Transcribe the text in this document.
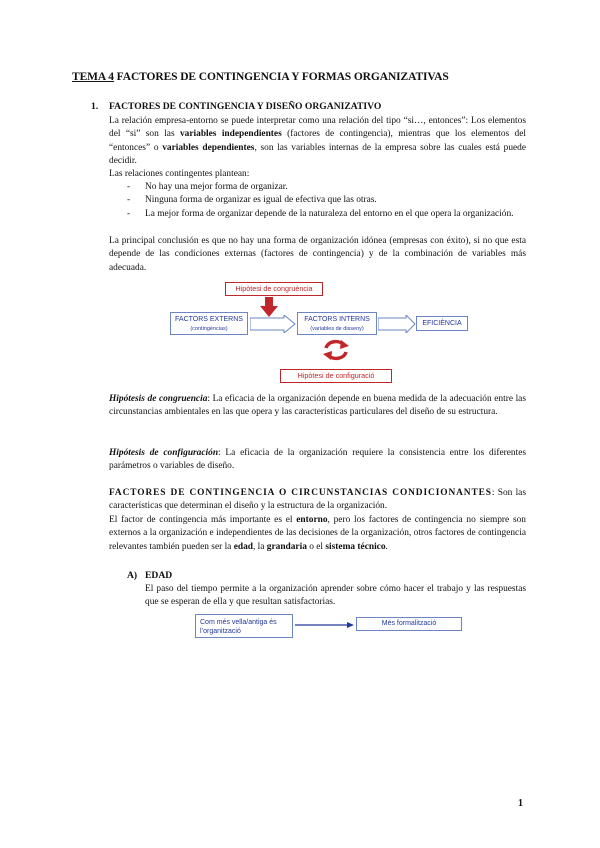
TEMA 4 FACTORES DE CONTINGENCIA Y FORMAS ORGANIZATIVAS
1. FACTORES DE CONTINGENCIA Y DISEÑO ORGANIZATIVO
La relación empresa-entorno se puede interpretar como una relación del tipo “si…, entonces”: Los elementos del “si” son las variables independientes (factores de contingencia), mientras que los elementos del “entonces” o variables dependientes, son las variables internas de la empresa sobre las cuales está puede decidir.
Las relaciones contingentes plantean:
- No hay una mejor forma de organizar.
- Ninguna forma de organizar es igual de efectiva que las otras.
- La mejor forma de organizar depende de la naturaleza del entorno en el que opera la organización.
La principal conclusión es que no hay una forma de organización idónea (empresas con éxito), si no que esta depende de las condiciones externas (factores de contingencia) y de la combinación de variables más adecuada.
Hipòtesi de congruència
FACTORS EXTERNS
(contingèncias)
FACTORS INTERNS
(variables de disseny)
EFICIÈNCIA
Hipòtesi de configuració
Hipótesis de congruencia: La eficacia de la organización depende en buena medida de la adecuación entre las circunstancias ambientales en las que opera y las características particulares del diseño de su estructura.
Hipótesis de configuración: La eficacia de la organización requiere la consistencia entre los diferentes parámetros o variables de diseño.
FACTORES DE CONTINGENCIA O CIRCUNSTANCIAS CONDICIONANTES: Son las características que determinan el diseño y la estructura de la organización.
El factor de contingencia más importante es el entorno, pero los factores de contingencia no siempre son externos a la organización e independientes de las decisiones de la organización, otros factores de contingencia relevantes también pueden ser la edad, la grandaria o el sistema técnico.
A) EDAD
El paso del tiempo permite a la organización aprender sobre cómo hacer el trabajo y las respuestas que se esperan de ella y que resultan satisfactorias.
Com més vella/antiga és l’organització
Més formalització
1
